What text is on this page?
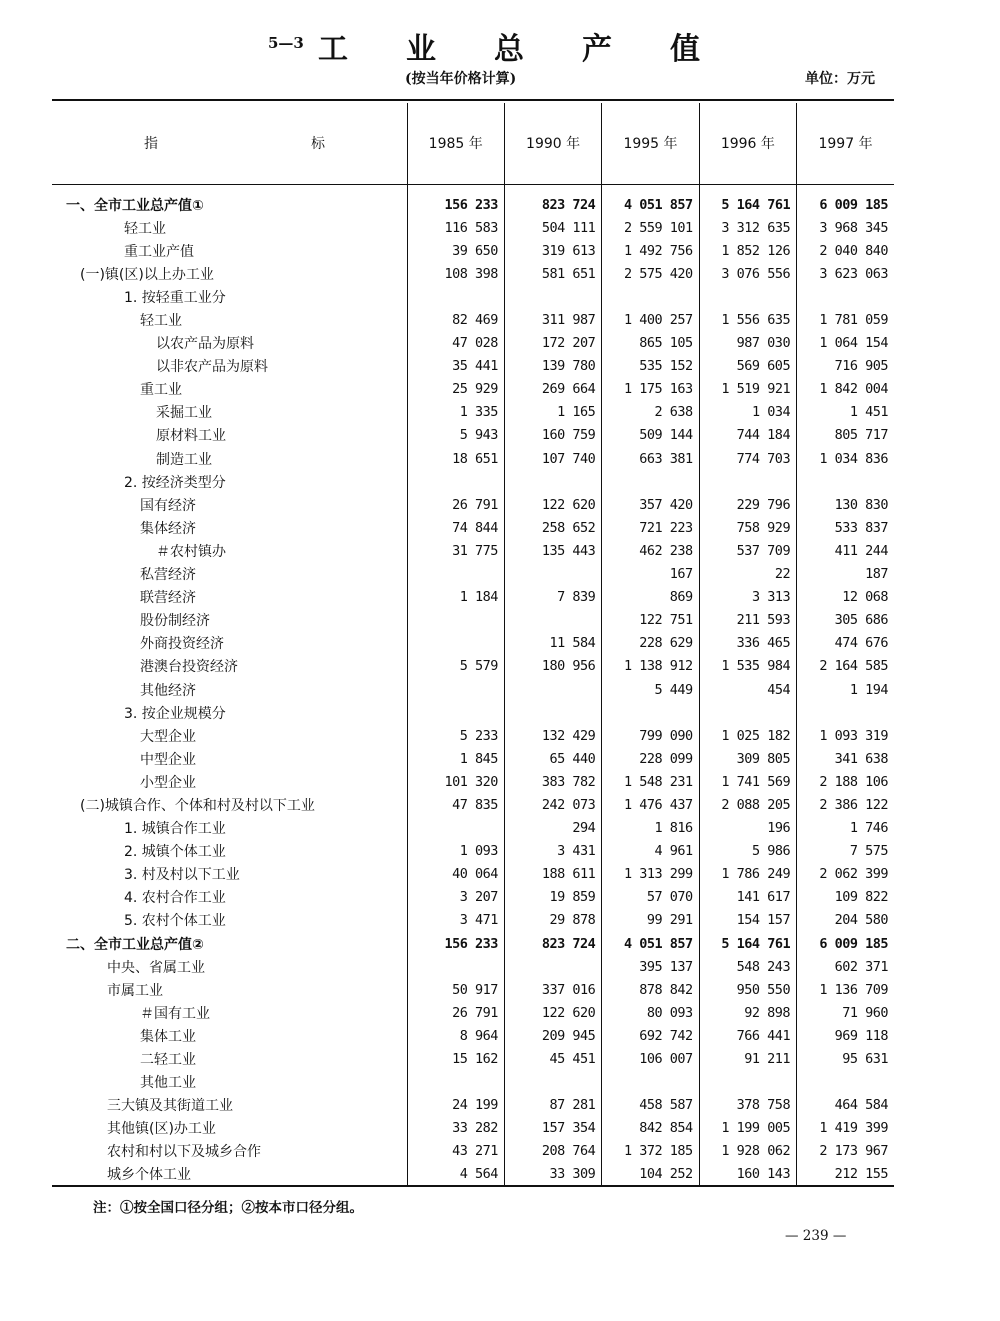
5—3 工业总产值
(按当年价格计算)	单位：万元
指 标	1985 年	1990 年	1995 年	1996 年	1997 年

一、全市工业总产值①	156 233	823 724	4 051 857	5 164 761	6 009 185
轻工业	116 583	504 111	2 559 101	3 312 635	3 968 345
重工业产值	39 650	319 613	1 492 756	1 852 126	2 040 840
(一)镇(区)以上办工业	108 398	581 651	2 575 420	3 076 556	3 623 063
1. 按轻重工业分					
轻工业	82 469	311 987	1 400 257	1 556 635	1 781 059
以农产品为原料	47 028	172 207	865 105	987 030	1 064 154
以非农产品为原料	35 441	139 780	535 152	569 605	716 905
重工业	25 929	269 664	1 175 163	1 519 921	1 842 004
采掘工业	1 335	1 165	2 638	1 034	1 451
原材料工业	5 943	160 759	509 144	744 184	805 717
制造工业	18 651	107 740	663 381	774 703	1 034 836
2. 按经济类型分					
国有经济	26 791	122 620	357 420	229 796	130 830
集体经济	74 844	258 652	721 223	758 929	533 837
＃农村镇办	31 775	135 443	462 238	537 709	411 244
私营经济			167	22	187
联营经济	1 184	7 839	869	3 313	12 068
股份制经济			122 751	211 593	305 686
外商投资经济		11 584	228 629	336 465	474 676
港澳台投资经济	5 579	180 956	1 138 912	1 535 984	2 164 585
其他经济			5 449	454	1 194
3. 按企业规模分					
大型企业	5 233	132 429	799 090	1 025 182	1 093 319
中型企业	1 845	65 440	228 099	309 805	341 638
小型企业	101 320	383 782	1 548 231	1 741 569	2 188 106
(二)城镇合作、个体和村及村以下工业	47 835	242 073	1 476 437	2 088 205	2 386 122
1. 城镇合作工业		294	1 816	196	1 746
2. 城镇个体工业	1 093	3 431	4 961	5 986	7 575
3. 村及村以下工业	40 064	188 611	1 313 299	1 786 249	2 062 399
4. 农村合作工业	3 207	19 859	57 070	141 617	109 822
5. 农村个体工业	3 471	29 878	99 291	154 157	204 580
二、全市工业总产值②	156 233	823 724	4 051 857	5 164 761	6 009 185
中央、省属工业			395 137	548 243	602 371
市属工业	50 917	337 016	878 842	950 550	1 136 709
＃国有工业	26 791	122 620	80 093	92 898	71 960
集体工业	8 964	209 945	692 742	766 441	969 118
二轻工业	15 162	45 451	106 007	91 211	95 631
其他工业					
三大镇及其街道工业	24 199	87 281	458 587	378 758	464 584
其他镇(区)办工业	33 282	157 354	842 854	1 199 005	1 419 399
农村和村以下及城乡合作	43 271	208 764	1 372 185	1 928 062	2 173 967
城乡个体工业	4 564	33 309	104 252	160 143	212 155
注：①按全国口径分组；②按本市口径分组。
— 239 —
